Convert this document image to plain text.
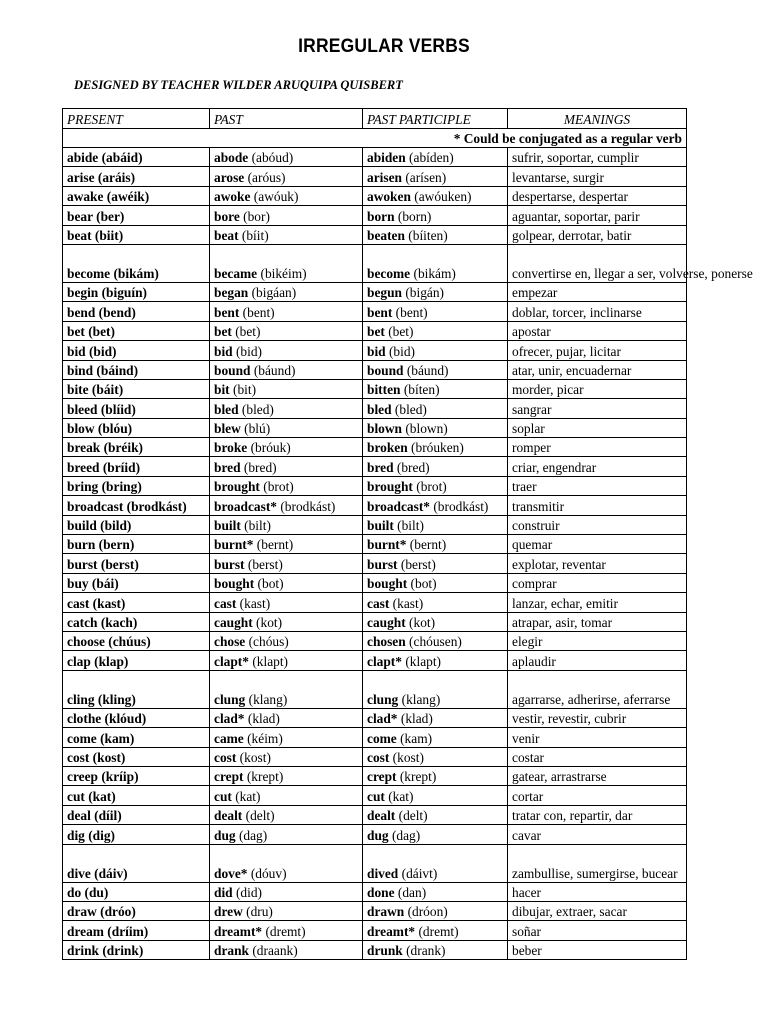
IRREGULAR VERBS
DESIGNED BY TEACHER WILDER ARUQUIPA QUISBERT
PRESENT	PAST	PAST PARTICIPLE	MEANINGS
* Could be conjugated as a regular verb			
abide (abáid)	abode (abóud)	abiden (abíden)	sufrir, soportar, cumplir
arise (aráis)	arose (aróus)	arisen (arísen)	levantarse, surgir
awake (awéik)	awoke (awóuk)	awoken (awóuken)	despertarse, despertar
bear (ber)	bore (bor)	born (born)	aguantar, soportar, parir
beat (biit)	beat (bíit)	beaten (bíiten)	golpear, derrotar, batir
become (bikám)	became (bikéim)	become (bikám)	convertirse en, llegar a ser, volverse, ponerse
begin (biguín)	began (bigáan)	begun (bigán)	empezar
bend (bend)	bent (bent)	bent (bent)	doblar, torcer, inclinarse
bet (bet)	bet (bet)	bet (bet)	apostar
bid (bid)	bid (bid)	bid (bid)	ofrecer, pujar, licitar
bind (báind)	bound (báund)	bound (báund)	atar, unir, encuadernar
bite (báit)	bit (bit)	bitten (bíten)	morder, picar
bleed (blíid)	bled (bled)	bled (bled)	sangrar
blow (blóu)	blew (blú)	blown (blown)	soplar
break (bréik)	broke (bróuk)	broken (bróuken)	romper
breed (bríid)	bred (bred)	bred (bred)	criar, engendrar
bring (bring)	brought (brot)	brought (brot)	traer
broadcast (brodkást)	broadcast* (brodkást)	broadcast* (brodkást)	transmitir
build (bild)	built (bilt)	built (bilt)	construir
burn (bern)	burnt* (bernt)	burnt* (bernt)	quemar
burst (berst)	burst (berst)	burst (berst)	explotar, reventar
buy (bái)	bought (bot)	bought (bot)	comprar
cast (kast)	cast (kast)	cast (kast)	lanzar, echar, emitir
catch (kach)	caught (kot)	caught (kot)	atrapar, asir, tomar
choose (chúus)	chose (chóus)	chosen (chóusen)	elegir
clap (klap)	clapt* (klapt)	clapt* (klapt)	aplaudir
cling (kling)	clung (klang)	clung (klang)	agarrarse, adherirse, aferrarse
clothe (klóud)	clad* (klad)	clad* (klad)	vestir, revestir, cubrir
come (kam)	came (kéim)	come (kam)	venir
cost (kost)	cost (kost)	cost (kost)	costar
creep (kríip)	crept (krept)	crept (krept)	gatear, arrastrarse
cut (kat)	cut (kat)	cut (kat)	cortar
deal (díil)	dealt (delt)	dealt (delt)	tratar con, repartir, dar
dig (dig)	dug (dag)	dug (dag)	cavar
dive (dáiv)	dove* (dóuv)	dived (dáivt)	zambullise, sumergirse, bucear
do (du)	did (did)	done (dan)	hacer
draw (dróo)	drew (dru)	drawn (dróon)	dibujar, extraer, sacar
dream (dríim)	dreamt* (dremt)	dreamt* (dremt)	soñar
drink (drink)	drank (draank)	drunk (drank)	beber
